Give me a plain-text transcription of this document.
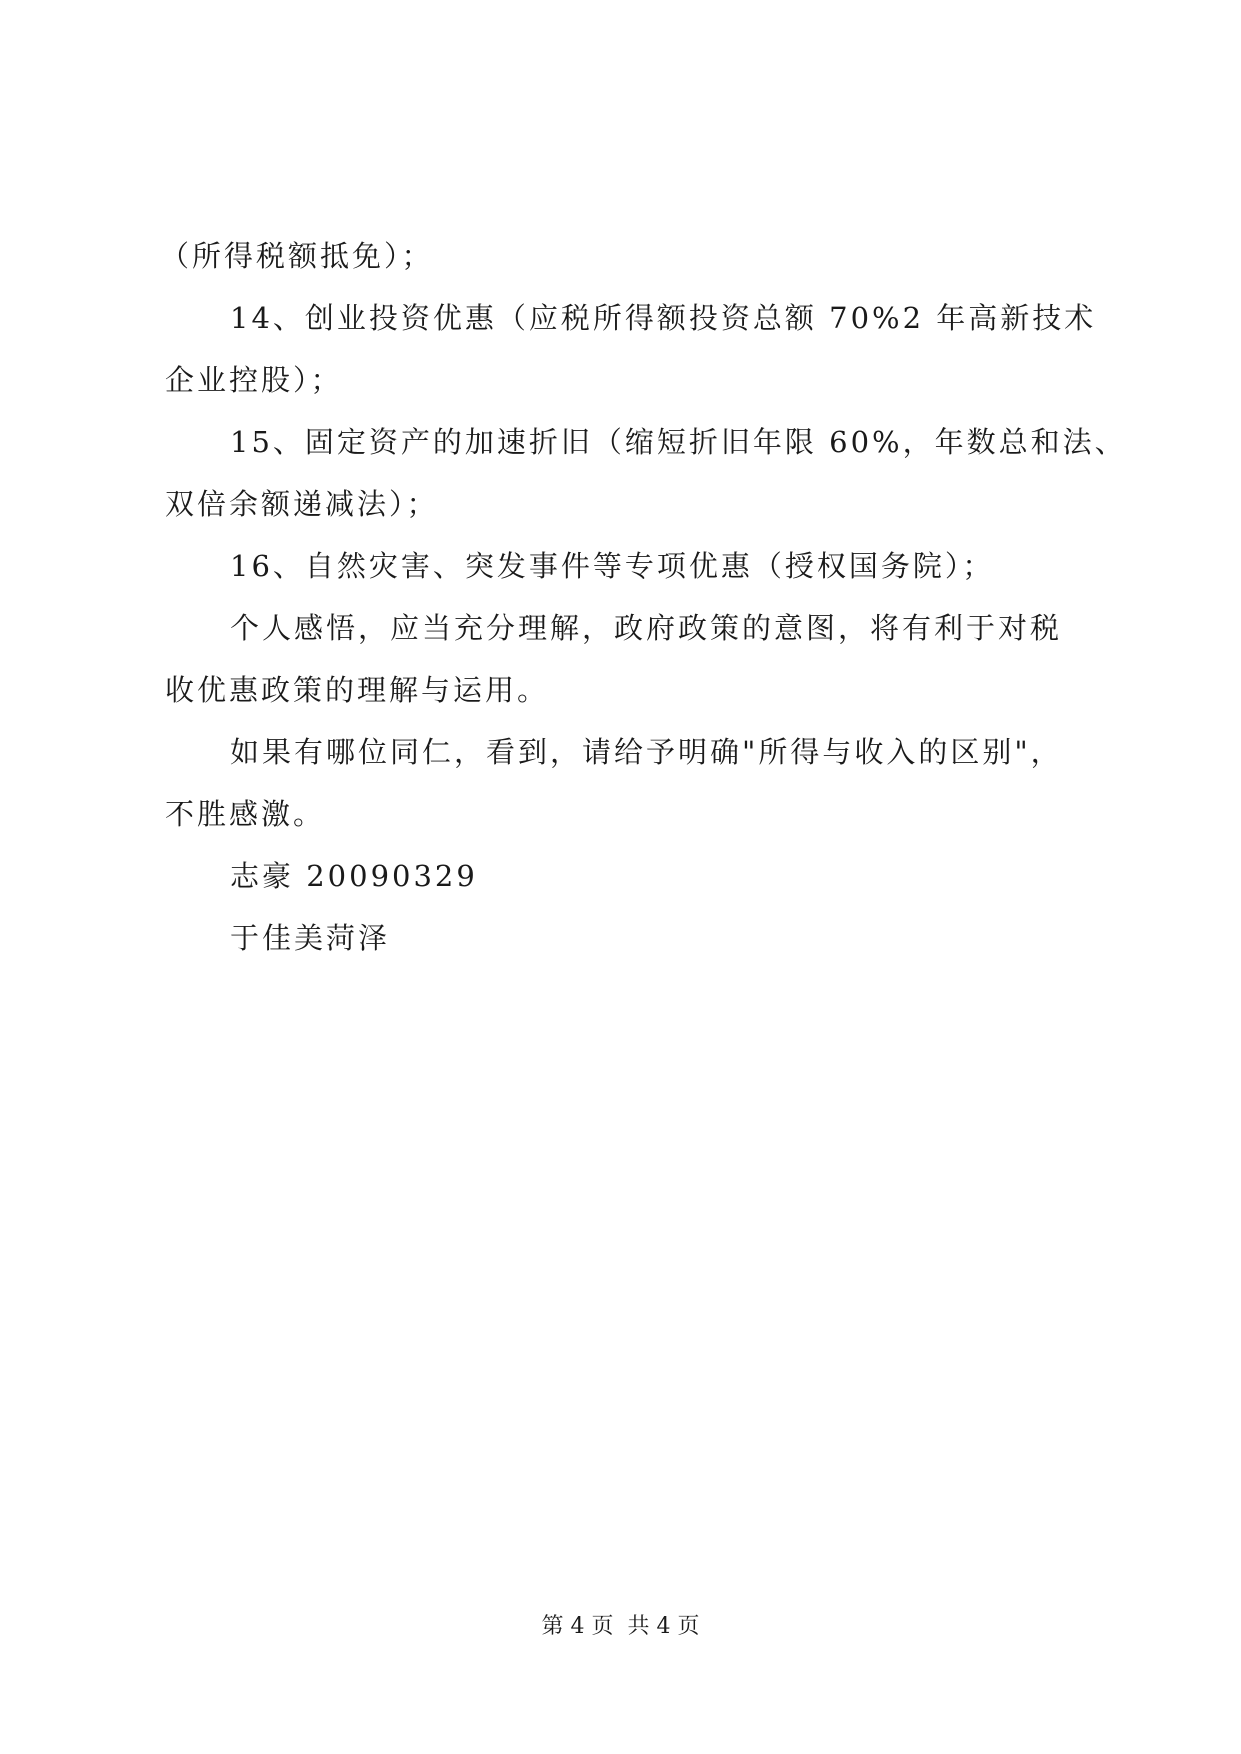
（所得税额抵免）；
14、创业投资优惠（应税所得额投资总额 70%2 年高新技术
企业控股）；
15、固定资产的加速折旧（缩短折旧年限 60%，年数总和法、
双倍余额递减法）；
16、自然灾害、突发事件等专项优惠（授权国务院）；
个人感悟，应当充分理解，政府政策的意图，将有利于对税
收优惠政策的理解与运用。
如果有哪位同仁，看到，请给予明确"所得与收入的区别"，
不胜感激。
志豪 20090329
于佳美菏泽
第 4 页  共 4 页
